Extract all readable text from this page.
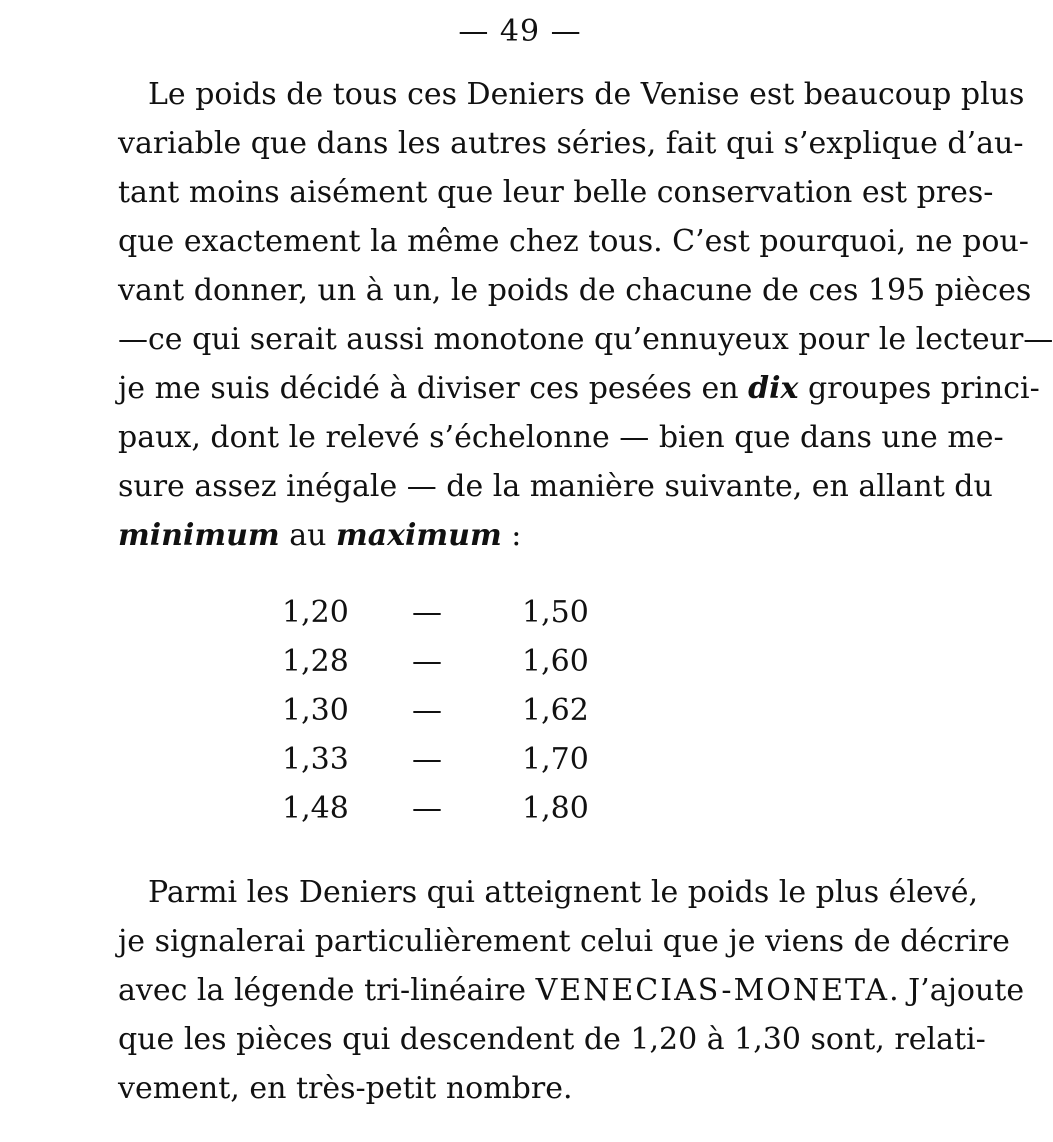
— 49 —
Le poids de tous ces Deniers de Venise est beaucoup plus
variable que dans les autres séries, fait qui s’explique d’au-
tant moins aisément que leur belle conservation est pres-
que exactement la même chez tous. C’est pourquoi, ne pou-
vant donner, un à un, le poids de chacune de ces 195 pièces
—ce qui serait aussi monotone qu’ennuyeux pour le lecteur—
je me suis décidé à diviser ces pesées en dix groupes princi-
paux, dont le relevé s’échelonne — bien que dans une me-
sure assez inégale — de la manière suivante, en allant du
minimum au maximum :
1,20	—	1,50
1,28	—	1,60
1,30	—	1,62
1,33	—	1,70
1,48	—	1,80
Parmi les Deniers qui atteignent le poids le plus élevé,
je signalerai particulièrement celui que je viens de décrire
avec la légende tri-linéaire VENECIAS-MONETA. J’ajoute
que les pièces qui descendent de 1,20 à 1,30 sont, relati-
vement, en très-petit nombre.
